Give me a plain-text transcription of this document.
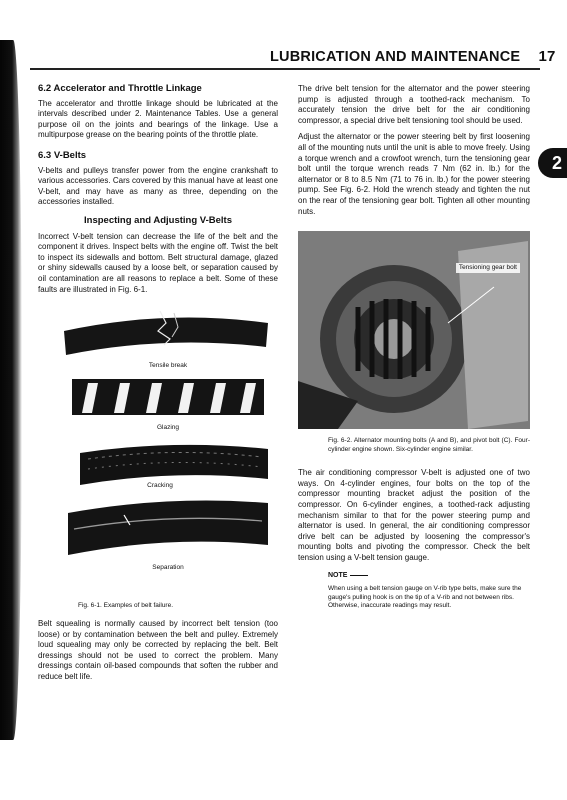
LUBRICATION AND MAINTENANCE 17
2
6.2 Accelerator and Throttle Linkage

The accelerator and throttle linkage should be lubricated at the intervals described under 2. Maintenance Tables. Use a general purpose oil on the joints and bearings of the linkage. Use a multipurpose grease on the bearing points of the throttle plate.

6.3 V-Belts

V-belts and pulleys transfer power from the engine crankshaft to various accessories. Cars covered by this manual have at least one V-belt, and may have as many as three, depending on the accessories installed.

Inspecting and Adjusting V-Belts

Incorrect V-belt tension can decrease the life of the belt and the component it drives. Inspect belts with the engine off. Twist the belt to inspect its sidewalls and bottom. Belt structural damage, glazed or shiny sidewalls caused by a loose belt, or separation caused by oil contamination are all reasons to replace a belt. Some of these faults are illustrated in Fig. 6-1.

Tensile break
Glazing
Cracking
Separation
Fig. 6-1. Examples of belt failure.

Belt squealing is normally caused by incorrect belt tension (too loose) or by contamination between the belt and pulley. Extremely loud squealing may only be corrected by replacing the belt. Belt dressings should not be used to correct the problem. Many dressings contain oil-based compounds that soften the rubber and reduce belt life.

The drive belt tension for the alternator and the power steering pump is adjusted through a toothed-rack mechanism. To accurately tension the drive belt for the air conditioning compressor, a special drive belt tensioning tool should be used.

Adjust the alternator or the power steering belt by first loosening all of the mounting nuts until the unit is able to move freely. Using a torque wrench and a crowfoot wrench, turn the tensioning gear bolt until the torque wrench reads 7 Nm (62 in. lb.) for the alternator or 8 to 8.5 Nm (71 to 76 in. lb.) for the power steering pump. See Fig. 6-2. Hold the wrench steady and tighten the nut on the rear of the tensioning gear bolt. Tighten all other mounting nuts.

Tensioning gear bolt
Fig. 6-2. Alternator mounting bolts (A and B), and pivot bolt (C). Four-cylinder engine shown. Six-cylinder engine similar.

The air conditioning compressor V-belt is adjusted one of two ways. On 4-cylinder engines, four bolts on the top of the compressor mounting bracket adjust the position of the compressor. On 6-cylinder engines, a toothed-rack adjusting mechanism similar to that for the power steering pump and alternator is used. In general, the air conditioning compressor drive belt can be adjusted by loosening the compressor's mounting bolts and pivoting the compressor. Check the belt tension using a V-belt tension gauge.

NOTE
When using a belt tension gauge on V-rib type belts, make sure the gauge's pulling hook is on the tip of a V-rib and not between ribs. Otherwise, inaccurate readings may result.
